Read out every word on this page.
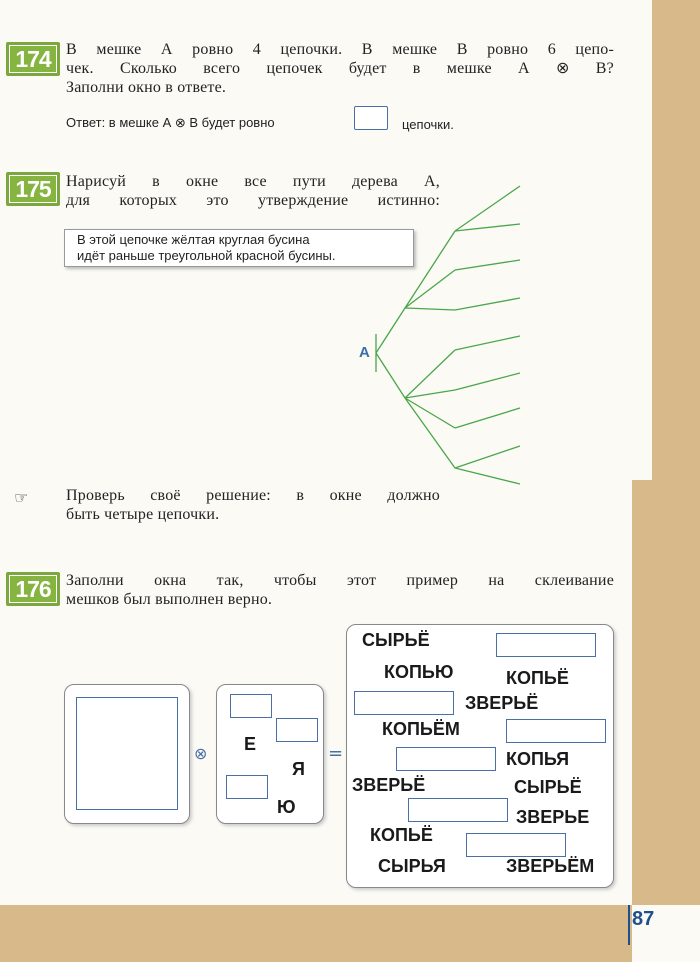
87
174 В мешке А ровно 4 цепочки. В мешке В ровно 6 цепо-
чек. Сколько всего цепочек будет в мешке А ⊗ В?
Заполни окно в ответе.
Ответ: в мешке А ⊗ В будет ровно	цепочки.
175 Нарисуй в окне все пути дерева А,
для которых это утверждение истинно:
В этой цепочке жёлтая круглая бусина
идёт раньше треугольной красной бусины.
А
☞ Проверь своё решение: в окне должно
быть четыре цепочки.
176 Заполни окна так, чтобы этот пример на склеивание
мешков был выполнен верно.
⊗ Е
Я
Ю
=
СЫРЬЁ
КОПЬЮ	КОПЬЁ
ЗВЕРЬЁ
КОПЬЁМ
КОПЬЯ
ЗВЕРЬЁ	СЫРЬЁ
ЗВЕРЬЕ
КОПЬЁ
СЫРЬЯ	ЗВЕРЬЁМ
